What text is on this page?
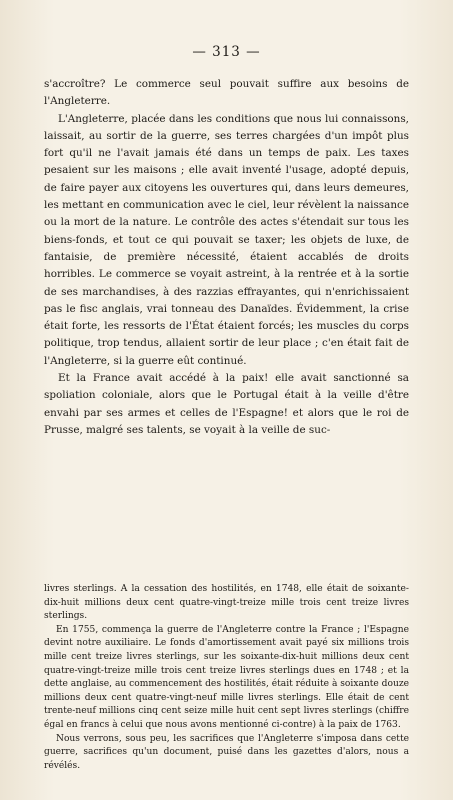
— 313 —

s'accroître? Le commerce seul pouvait suffire aux besoins de l'Angleterre.

L'Angleterre, placée dans les conditions que nous lui connaissons, laissait, au sortir de la guerre, ses terres chargées d'un impôt plus fort qu'il ne l'avait jamais été dans un temps de paix. Les taxes pesaient sur les maisons ; elle avait inventé l'usage, adopté depuis, de faire payer aux citoyens les ouvertures qui, dans leurs demeures, les mettant en communication avec le ciel, leur révèlent la naissance ou la mort de la nature. Le contrôle des actes s'étendait sur tous les biens-fonds, et tout ce qui pouvait se taxer; les objets de luxe, de fantaisie, de première nécessité, étaient accablés de droits horribles. Le commerce se voyait astreint, à la rentrée et à la sortie de ses marchandises, à des razzias effrayantes, qui n'enrichissaient pas le fisc anglais, vrai tonneau des Danaïdes. Évidemment, la crise était forte, les ressorts de l'État étaient forcés; les muscles du corps politique, trop tendus, allaient sortir de leur place ; c'en était fait de l'Angleterre, si la guerre eût continué.

Et la France avait accédé à la paix! elle avait sanctionné sa spoliation coloniale, alors que le Portugal était à la veille d'être envahi par ses armes et celles de l'Espagne! et alors que le roi de Prusse, malgré ses talents, se voyait à la veille de suc-

livres sterlings. A la cessation des hostilités, en 1748, elle était de soixante-dix-huit millions deux cent quatre-vingt-treize mille trois cent treize livres sterlings.

En 1755, commença la guerre de l'Angleterre contre la France ; l'Espagne devint notre auxiliaire. Le fonds d'amortissement avait payé six millions trois mille cent treize livres sterlings, sur les soixante-dix-huit millions deux cent quatre-vingt-treize mille trois cent treize livres sterlings dues en 1748 ; et la dette anglaise, au commencement des hostilités, était réduite à soixante douze millions deux cent quatre-vingt-neuf mille livres sterlings. Elle était de cent trente-neuf millions cinq cent seize mille huit cent sept livres sterlings (chiffre égal en francs à celui que nous avons mentionné ci-contre) à la paix de 1763.

Nous verrons, sous peu, les sacrifices que l'Angleterre s'imposa dans cette guerre, sacrifices qu'un document, puisé dans les gazettes d'alors, nous a révélés.
